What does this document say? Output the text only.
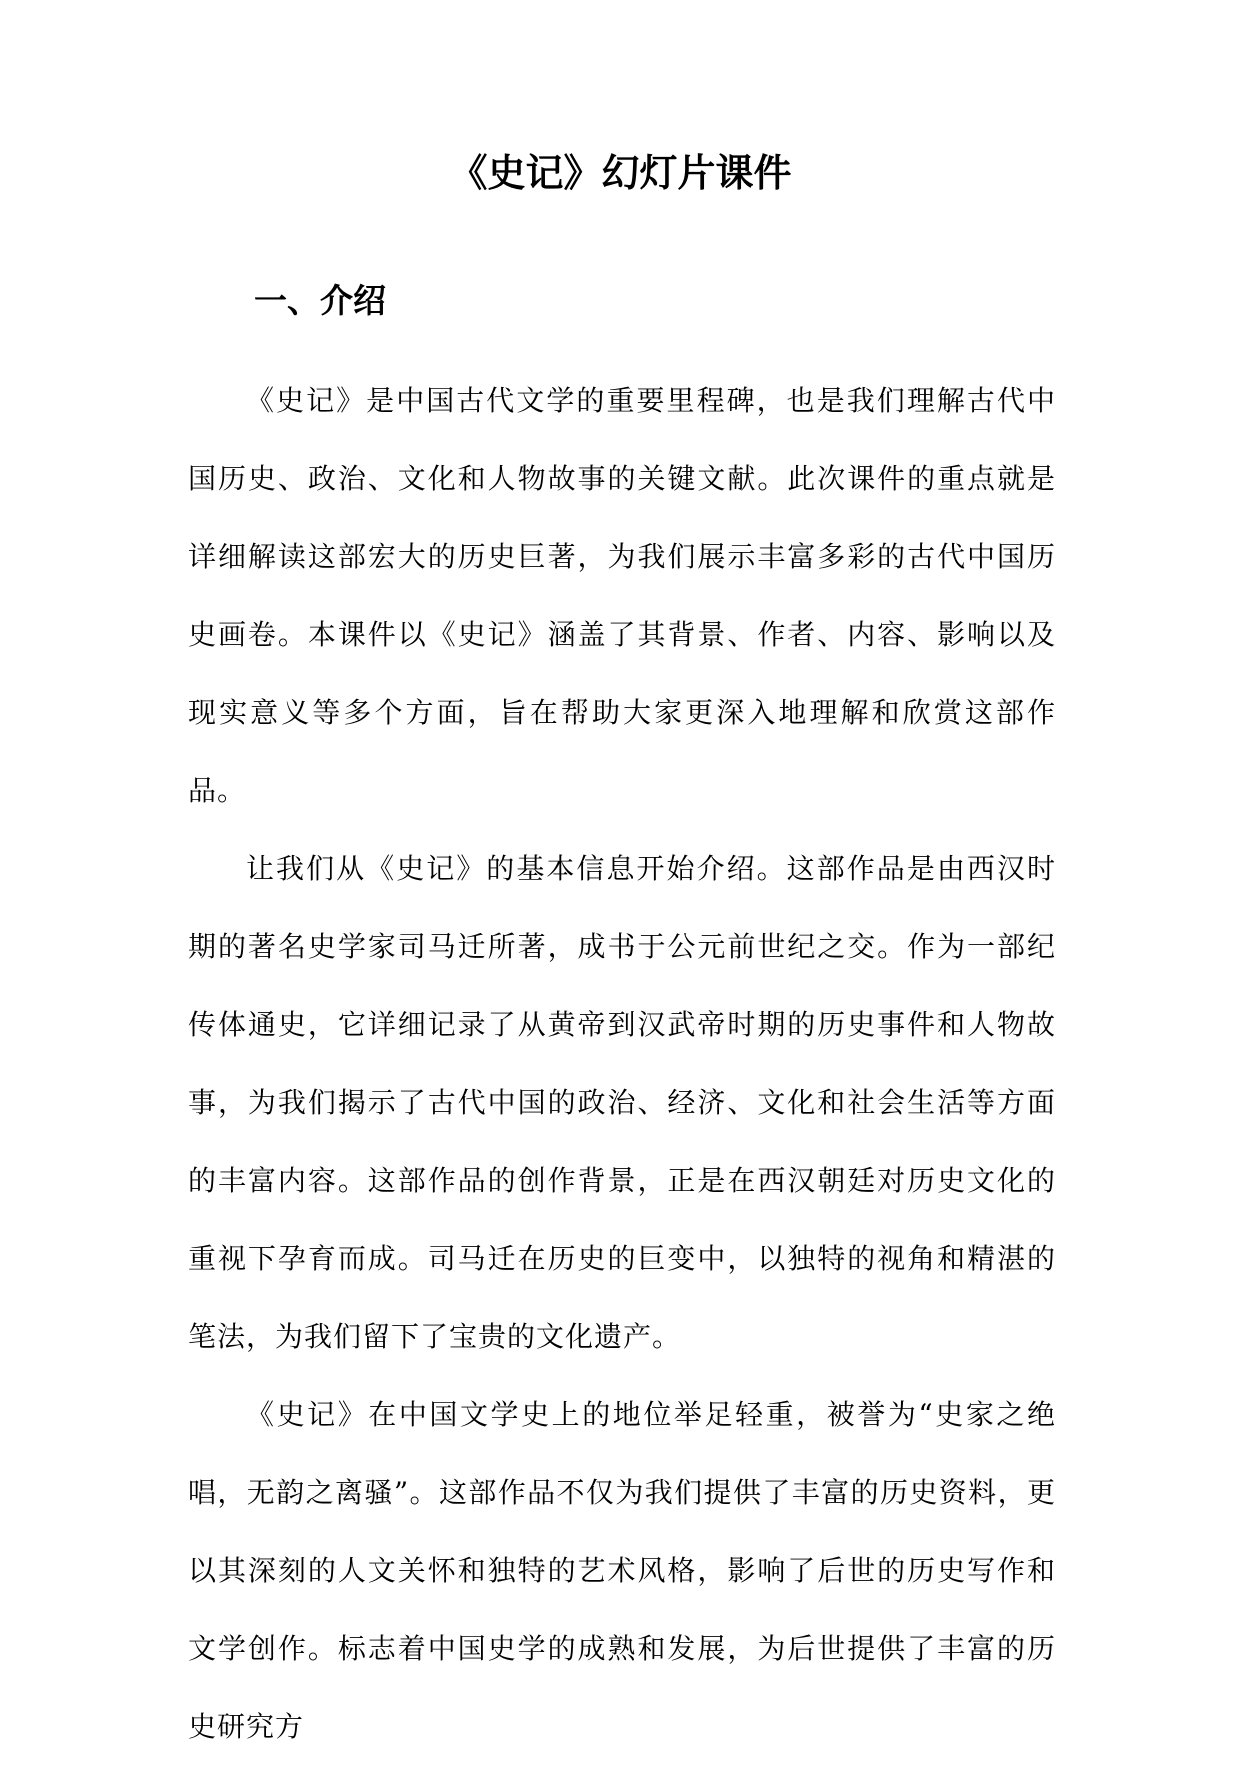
《史记》幻灯片课件
一、介绍

《史记》是中国古代文学的重要里程碑，也是我们理解古代中国历史、政治、文化和人物故事的关键文献。此次课件的重点就是详细解读这部宏大的历史巨著，为我们展示丰富多彩的古代中国历史画卷。本课件以《史记》涵盖了其背景、作者、内容、影响以及现实意义等多个方面，旨在帮助大家更深入地理解和欣赏这部作品。

让我们从《史记》的基本信息开始介绍。这部作品是由西汉时期的著名史学家司马迁所著，成书于公元前世纪之交。作为一部纪传体通史，它详细记录了从黄帝到汉武帝时期的历史事件和人物故事，为我们揭示了古代中国的政治、经济、文化和社会生活等方面的丰富内容。这部作品的创作背景，正是在西汉朝廷对历史文化的重视下孕育而成。司马迁在历史的巨变中，以独特的视角和精湛的笔法，为我们留下了宝贵的文化遗产。

《史记》在中国文学史上的地位举足轻重，被誉为“史家之绝唱，无韵之离骚”。这部作品不仅为我们提供了丰富的历史资料，更以其深刻的人文关怀和独特的艺术风格，影响了后世的历史写作和文学创作。标志着中国史学的成熟和发展，为后世提供了丰富的历史研究方
